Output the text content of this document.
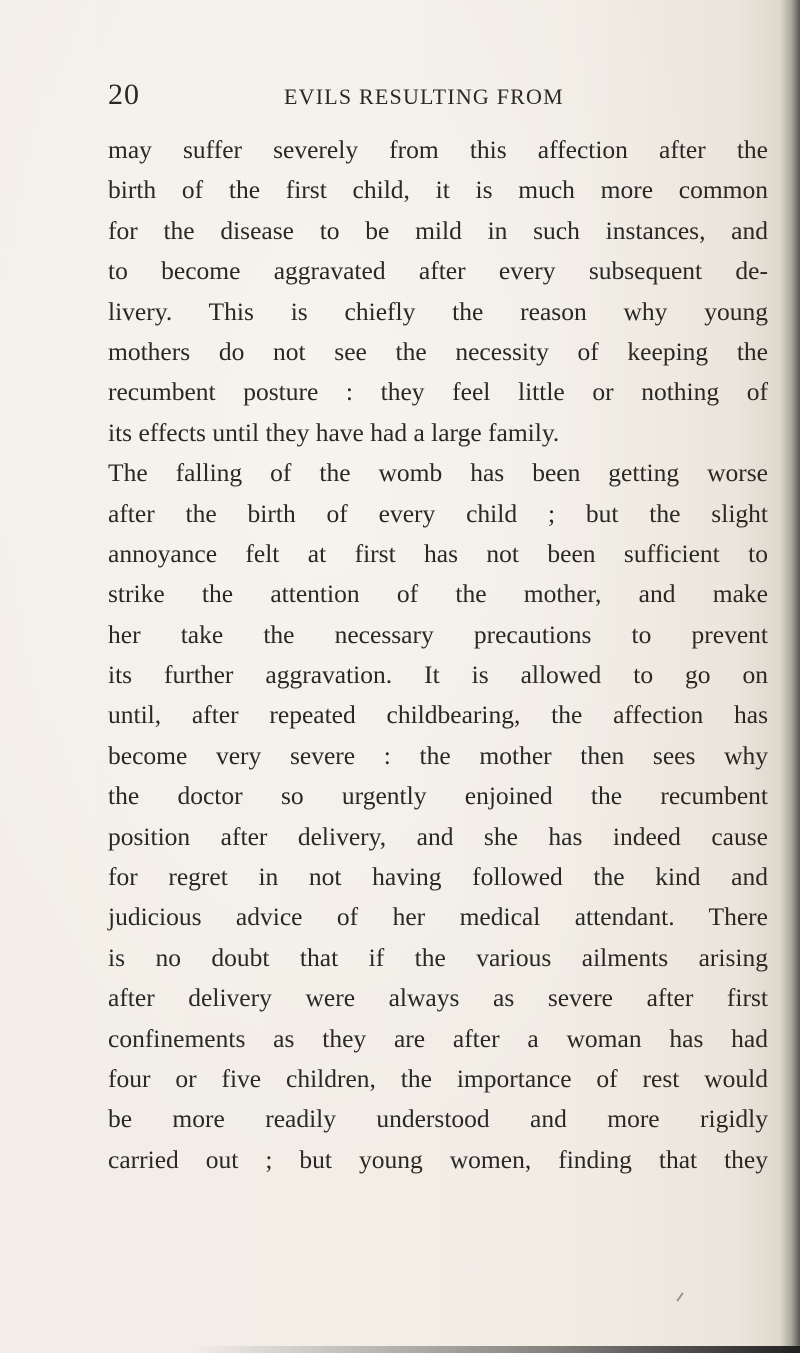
20	EVILS RESULTING FROM
may suffer severely from this affection after the
birth of the first child, it is much more common
for the disease to be mild in such instances, and
to become aggravated after every subsequent de-
livery. This is chiefly the reason why young
mothers do not see the necessity of keeping the
recumbent posture : they feel little or nothing of
its effects until they have had a large family.
The falling of the womb has been getting worse
after the birth of every child ; but the slight
annoyance felt at first has not been sufficient to
strike the attention of the mother, and make
her take the necessary precautions to prevent
its further aggravation. It is allowed to go on
until, after repeated childbearing, the affection has
become very severe : the mother then sees why
the doctor so urgently enjoined the recumbent
position after delivery, and she has indeed cause
for regret in not having followed the kind and
judicious advice of her medical attendant. There
is no doubt that if the various ailments arising
after delivery were always as severe after first
confinements as they are after a woman has had
four or five children, the importance of rest would
be more readily understood and more rigidly
carried out ; but young women, finding that they
